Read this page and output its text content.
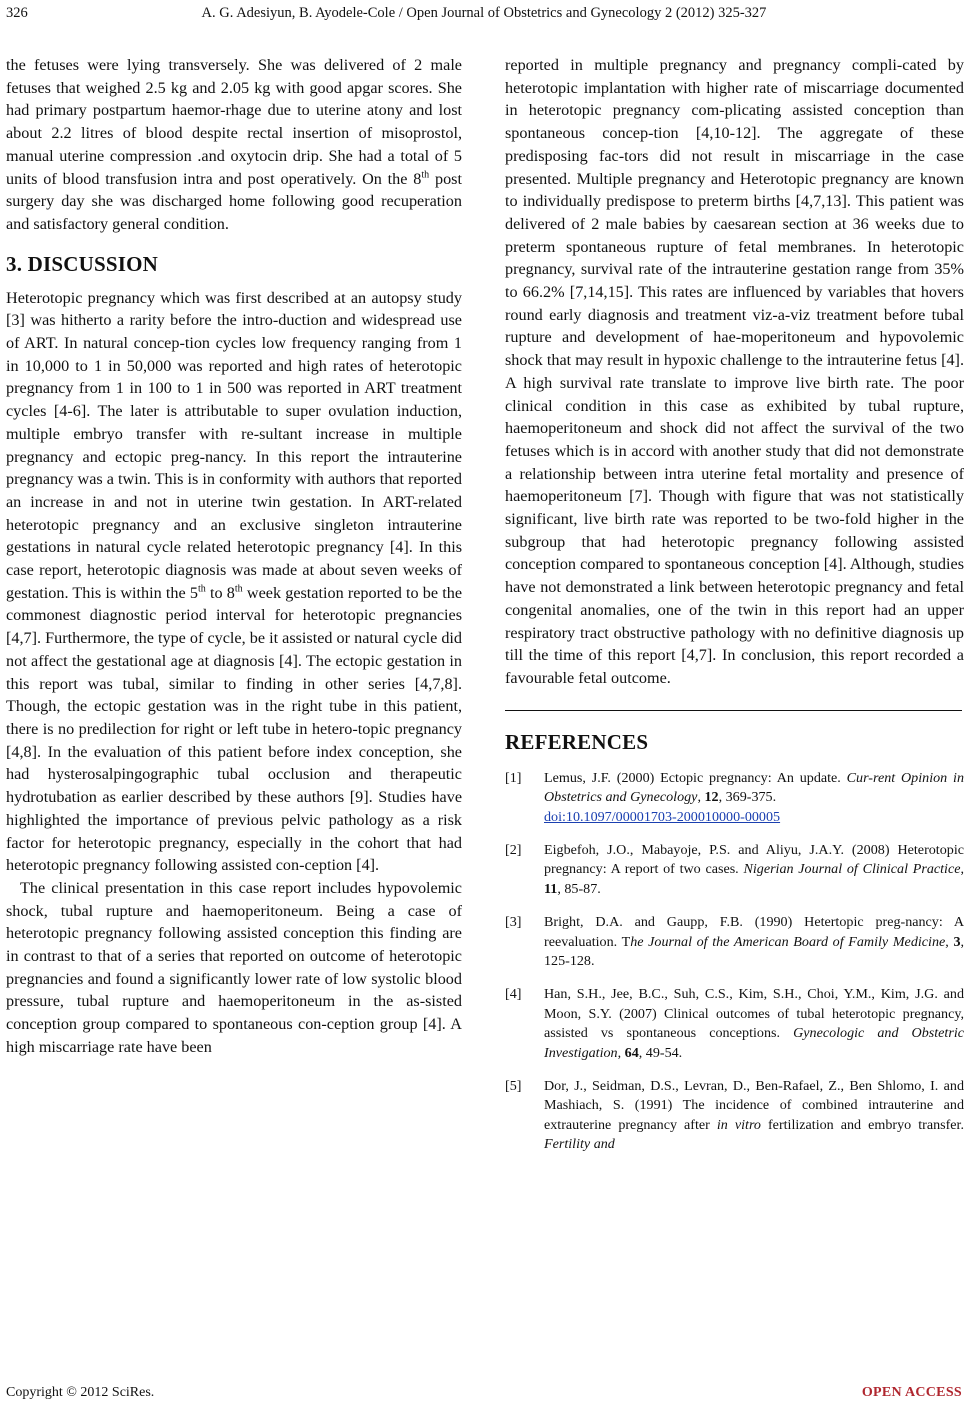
326	A. G. Adesiyun, B. Ayodele-Cole / Open Journal of Obstetrics and Gynecology 2 (2012) 325-327

the fetuses were lying transversely. She was delivered of 2 male fetuses that weighed 2.5 kg and 2.05 kg with good apgar scores. She had primary postpartum haemor-rhage due to uterine atony and lost about 2.2 litres of blood despite rectal insertion of misoprostol, manual uterine compression .and oxytocin drip. She had a total of 5 units of blood transfusion intra and post operatively. On the 8th post surgery day she was discharged home following good recuperation and satisfactory general condition.

3. DISCUSSION

Heterotopic pregnancy which was first described at an autopsy study [3] was hitherto a rarity before the intro-duction and widespread use of ART. In natural concep-tion cycles low frequency ranging from 1 in 10,000 to 1 in 50,000 was reported and high rates of heterotopic pregnancy from 1 in 100 to 1 in 500 was reported in ART treatment cycles [4-6]. The later is attributable to super ovulation induction, multiple embryo transfer with re-sultant increase in multiple pregnancy and ectopic preg-nancy. In this report the intrauterine pregnancy was a twin. This is in conformity with authors that reported an increase in and not in uterine twin gestation. In ART-related heterotopic pregnancy and an exclusive singleton intrauterine gestations in natural cycle related heterotopic pregnancy [4]. In this case report, heterotopic diagnosis was made at about seven weeks of gestation. This is within the 5th to 8th week gestation reported to be the commonest diagnostic period interval for heterotopic pregnancies [4,7]. Furthermore, the type of cycle, be it assisted or natural cycle did not affect the gestational age at diagnosis [4]. The ectopic gestation in this report was tubal, similar to finding in other series [4,7,8]. Though, the ectopic gestation was in the right tube in this patient, there is no predilection for right or left tube in hetero-topic pregnancy [4,8]. In the evaluation of this patient before index conception, she had hysterosalpingographic tubal occlusion and therapeutic hydrotubation as earlier described by these authors [9]. Studies have highlighted the importance of previous pelvic pathology as a risk factor for heterotopic pregnancy, especially in the cohort that had heterotopic pregnancy following assisted con-ception [4].

The clinical presentation in this case report includes hypovolemic shock, tubal rupture and haemoperitoneum. Being a case of heterotopic pregnancy following assisted conception this finding are in contrast to that of a series that reported on outcome of heterotopic pregnancies and found a significantly lower rate of low systolic blood pressure, tubal rupture and haemoperitoneum in the as-sisted conception group compared to spontaneous con-ception group [4]. A high miscarriage rate have been

reported in multiple pregnancy and pregnancy compli-cated by heterotopic implantation with higher rate of miscarriage documented in heterotopic pregnancy com-plicating assisted conception than spontaneous concep-tion [4,10-12]. The aggregate of these predisposing fac-tors did not result in miscarriage in the case presented. Multiple pregnancy and Heterotopic pregnancy are known to individually predispose to preterm births [4,7,13]. This patient was delivered of 2 male babies by caesarean section at 36 weeks due to preterm spontaneous rupture of fetal membranes. In heterotopic pregnancy, survival rate of the intrauterine gestation range from 35% to 66.2% [7,14,15]. This rates are influenced by variables that hovers round early diagnosis and treatment viz-a-viz treatment before tubal rupture and development of hae-moperitoneum and hypovolemic shock that may result in hypoxic challenge to the intrauterine fetus [4]. A high survival rate translate to improve live birth rate. The poor clinical condition in this case as exhibited by tubal rupture, haemoperitoneum and shock did not affect the survival of the two fetuses which is in accord with another study that did not demonstrate a relationship between intra uterine fetal mortality and presence of haemoperitoneum [7]. Though with figure that was not statistically significant, live birth rate was reported to be two-fold higher in the subgroup that had heterotopic pregnancy following assisted conception compared to spontaneous conception [4]. Although, studies have not demonstrated a link between heterotopic pregnancy and fetal congenital anomalies, one of the twin in this report had an upper respiratory tract obstructive pathology with no definitive diagnosis up till the time of this report [4,7]. In conclusion, this report recorded a favourable fetal outcome.

REFERENCES
[1]	Lemus, J.F. (2000) Ectopic pregnancy: An update. Cur-rent Opinion in Obstetrics and Gynecology, 12, 369-375.
doi:10.1097/00001703-200010000-00005
[2]	Eigbefoh, J.O., Mabayoje, P.S. and Aliyu, J.A.Y. (2008) Heterotopic pregnancy: A report of two cases. Nigerian Journal of Clinical Practice, 11, 85-87.
[3]	Bright, D.A. and Gaupp, F.B. (1990) Hetertopic preg-nancy: A reevaluation. The Journal of the American Board of Family Medicine, 3, 125-128.
[4]	Han, S.H., Jee, B.C., Suh, C.S., Kim, S.H., Choi, Y.M., Kim, J.G. and Moon, S.Y. (2007) Clinical outcomes of tubal heterotopic pregnancy, assisted vs spontaneous conceptions. Gynecologic and Obstetric Investigation, 64, 49-54.
[5]	Dor, J., Seidman, D.S., Levran, D., Ben-Rafael, Z., Ben Shlomo, I. and Mashiach, S. (1991) The incidence of combined intrauterine and extrauterine pregnancy after in vitro fertilization and embryo transfer. Fertility and
Copyright © 2012 SciRes.	OPEN ACCESS
